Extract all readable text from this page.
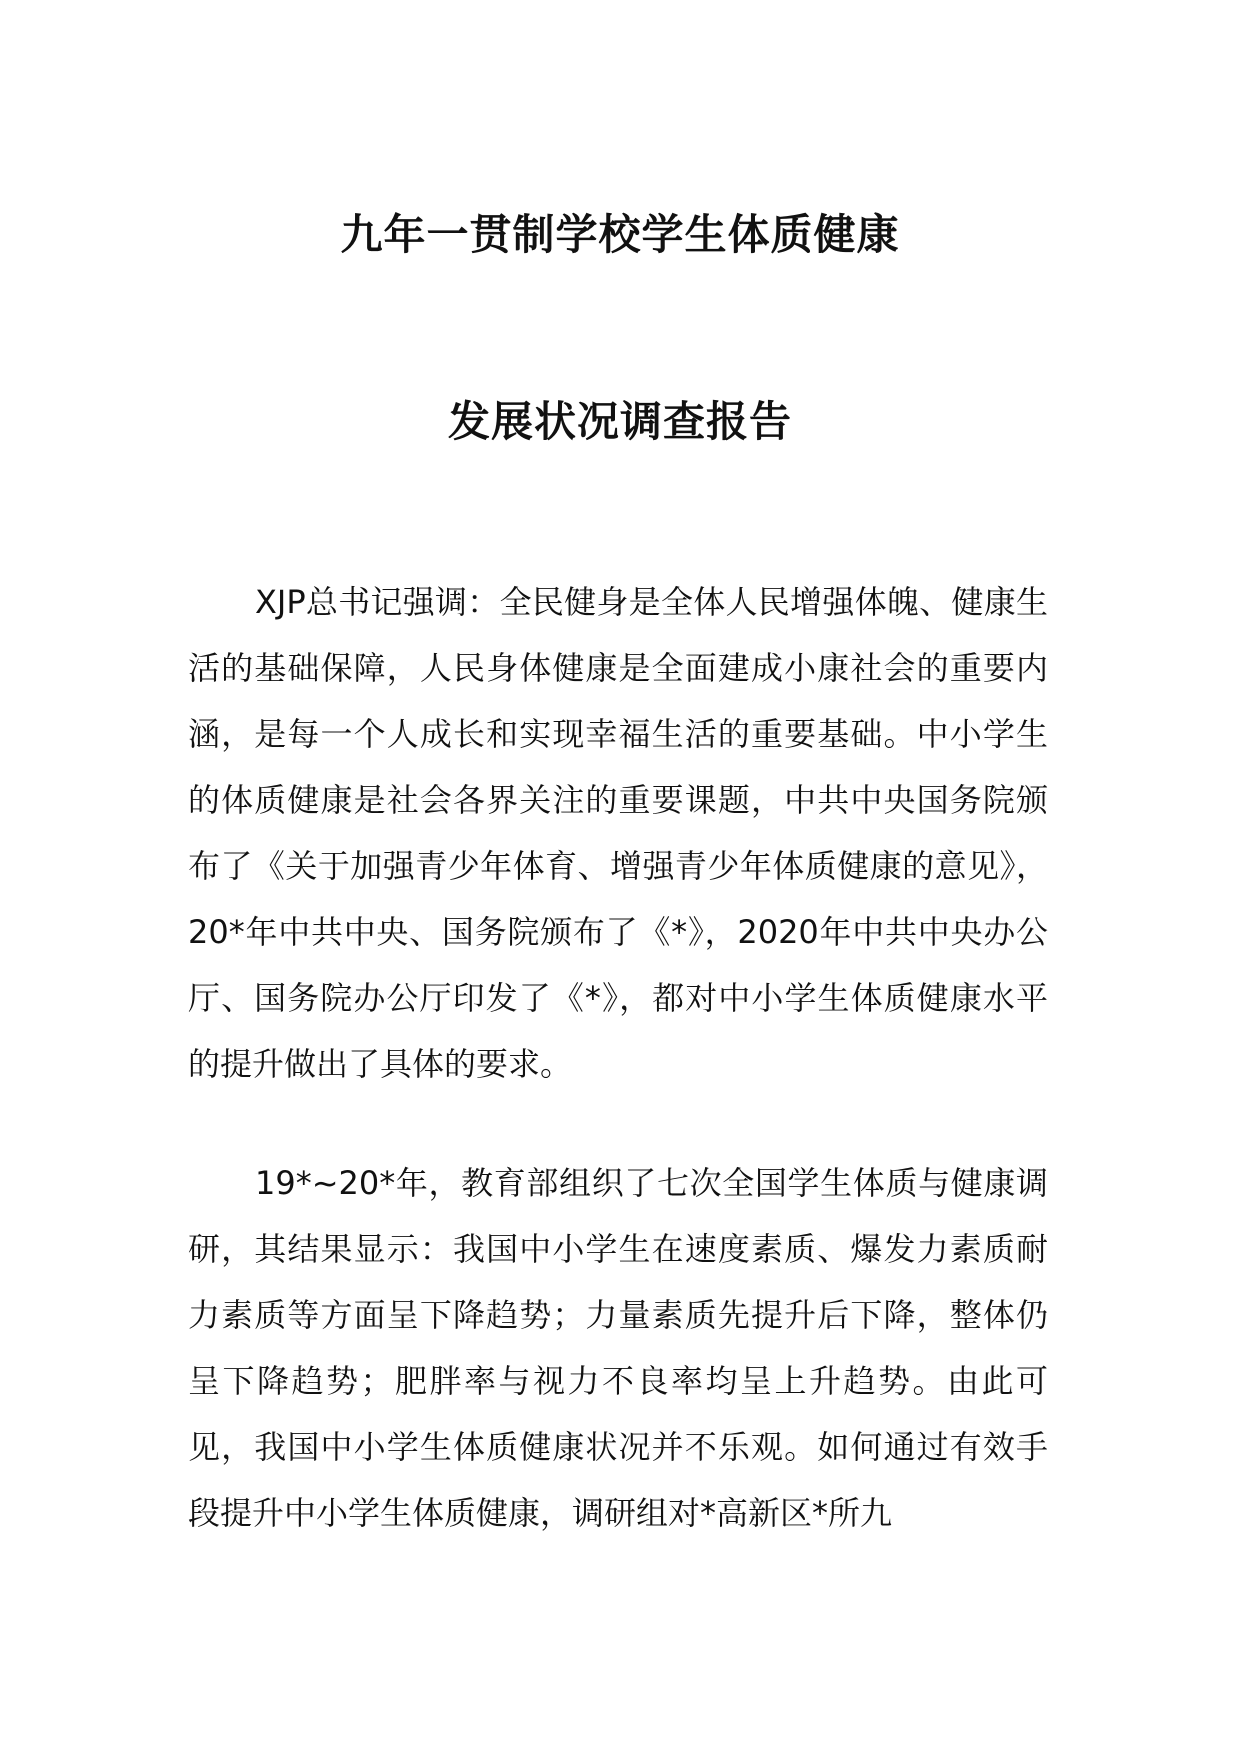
九年一贯制学校学生体质健康
发展状况调查报告

XJP总书记强调：全民健身是全体人民增强体魄、健康生活的基础保障，人民身体健康是全面建成小康社会的重要内涵，是每一个人成长和实现幸福生活的重要基础。中小学生的体质健康是社会各界关注的重要课题，中共中央国务院颁布了《关于加强青少年体育、增强青少年体质健康的意见》，20*年中共中央、国务院颁布了《*》，2020年中共中央办公厅、国务院办公厅印发了《*》，都对中小学生体质健康水平的提升做出了具体的要求。

19*~20*年，教育部组织了七次全国学生体质与健康调研，其结果显示：我国中小学生在速度素质、爆发力素质耐力素质等方面呈下降趋势；力量素质先提升后下降，整体仍呈下降趋势；肥胖率与视力不良率均呈上升趋势。由此可见，我国中小学生体质健康状况并不乐观。如何通过有效手段提升中小学生体质健康，调研组对*高新区*所九
